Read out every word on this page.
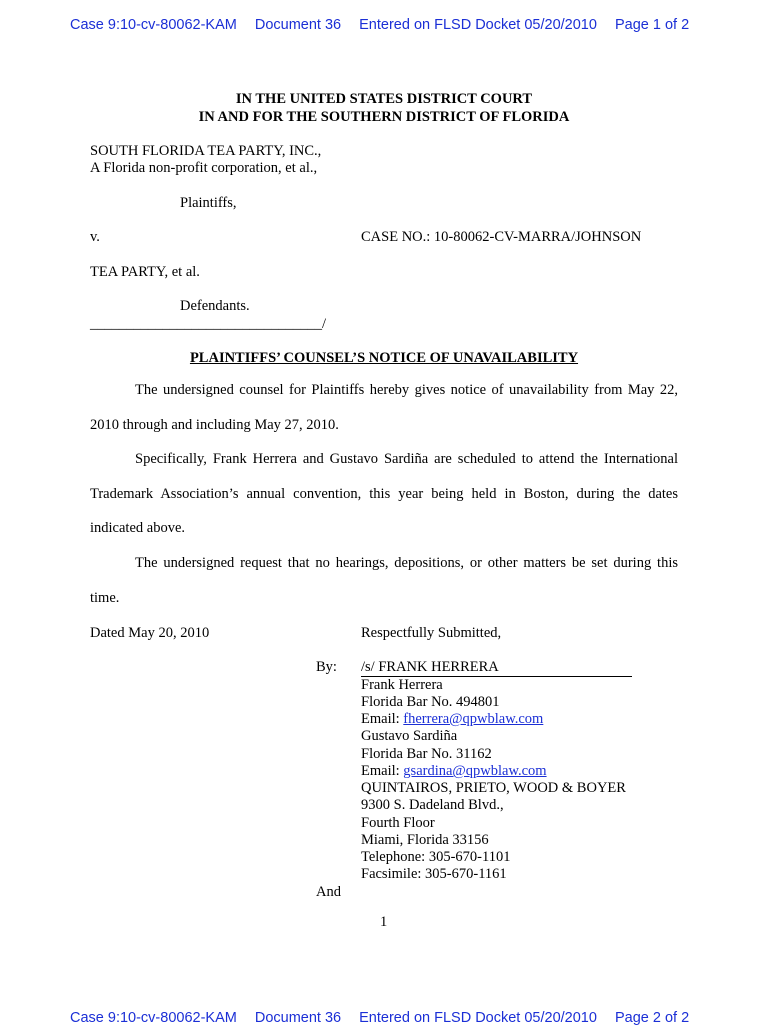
Case 9:10-cv-80062-KAM Document 36 Entered on FLSD Docket 05/20/2010 Page 1 of 2
IN THE UNITED STATES DISTRICT COURT
IN AND FOR THE SOUTHERN DISTRICT OF FLORIDA
SOUTH FLORIDA TEA PARTY, INC.,
A Florida non-profit corporation, et al.,
Plaintiffs,
v.	CASE NO.: 10-80062-CV-MARRA/JOHNSON
TEA PARTY, et al.
Defendants.
________________________________/
PLAINTIFFS’ COUNSEL’S NOTICE OF UNAVAILABILITY

The undersigned counsel for Plaintiffs hereby gives notice of unavailability from May 22, 2010 through and including May 27, 2010.

Specifically, Frank Herrera and Gustavo Sardiña are scheduled to attend the International Trademark Association’s annual convention, this year being held in Boston, during the dates indicated above.

The undersigned request that no hearings, depositions, or other matters be set during this time.

Dated May 20, 2010	Respectfully Submitted,
By: /s/ FRANK HERRERA
Frank Herrera
Florida Bar No. 494801
Email: fherrera@qpwblaw.com
Gustavo Sardiña
Florida Bar No. 31162
Email: gsardina@qpwblaw.com
QUINTAIROS, PRIETO, WOOD & BOYER
9300 S. Dadeland Blvd.,
Fourth Floor
Miami, Florida 33156
Telephone: 305-670-1101
Facsimile: 305-670-1161
And
1
Case 9:10-cv-80062-KAM Document 36 Entered on FLSD Docket 05/20/2010 Page 2 of 2
